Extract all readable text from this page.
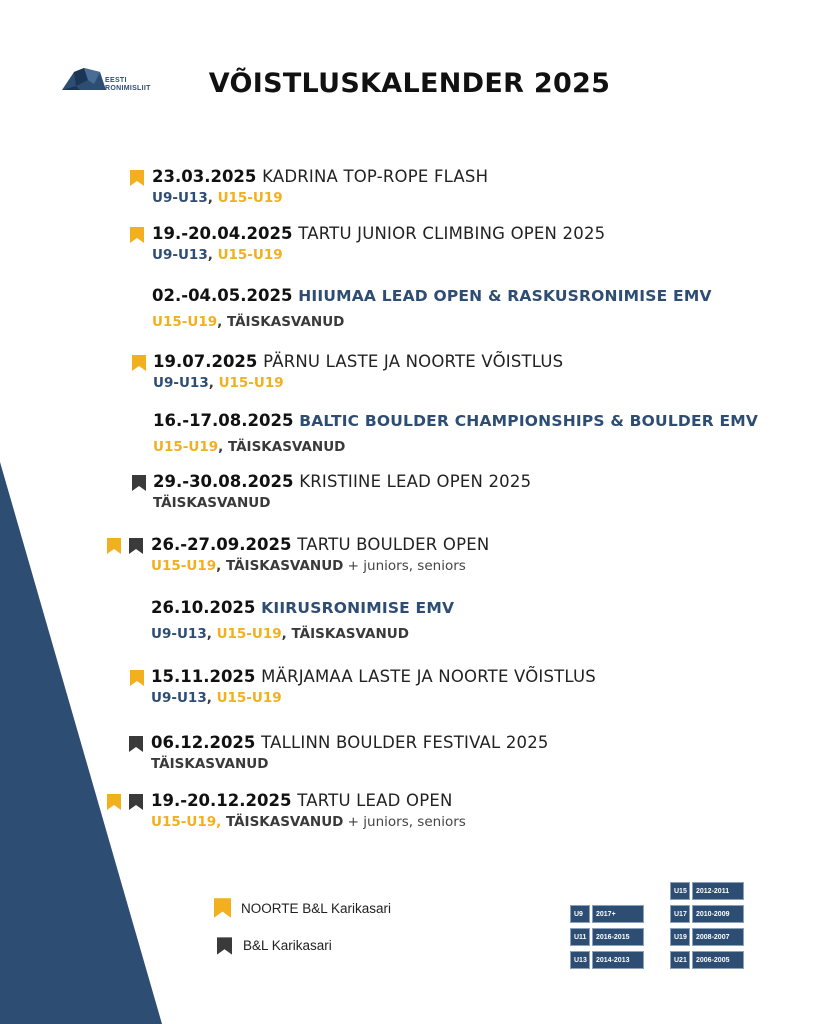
EESTI
RONIMISLIIT	VÕISTLUSKALENDER 2025
23.03.2025 KADRINA TOP-ROPE FLASH
U9-U13, U15-U19
19.-20.04.2025 TARTU JUNIOR CLIMBING OPEN 2025
U9-U13, U15-U19
02.-04.05.2025 HIIUMAA LEAD OPEN & RASKUSRONIMISE EMV
U15-U19, TÄISKASVANUD
19.07.2025 PÄRNU LASTE JA NOORTE VÕISTLUS
U9-U13, U15-U19
16.-17.08.2025 BALTIC BOULDER CHAMPIONSHIPS & BOULDER EMV
U15-U19, TÄISKASVANUD
29.-30.08.2025 KRISTIINE LEAD OPEN 2025
TÄISKASVANUD
26.-27.09.2025 TARTU BOULDER OPEN
U15-U19, TÄISKASVANUD + juniors, seniors
26.10.2025 KIIRUSRONIMISE EMV
U9-U13, U15-U19, TÄISKASVANUD
15.11.2025 MÄRJAMAA LASTE JA NOORTE VÕISTLUS
U9-U13, U15-U19
06.12.2025 TALLINN BOULDER FESTIVAL 2025
TÄISKASVANUD
19.-20.12.2025 TARTU LEAD OPEN
U15-U19, TÄISKASVANUD + juniors, seniors
NOORTE B&L Karikasari
B&L Karikasari
U9	2017+
U11	2016-2015
U13	2014-2013
U15	2012-2011
U17	2010-2009
U19	2008-2007
U21	2006-2005
